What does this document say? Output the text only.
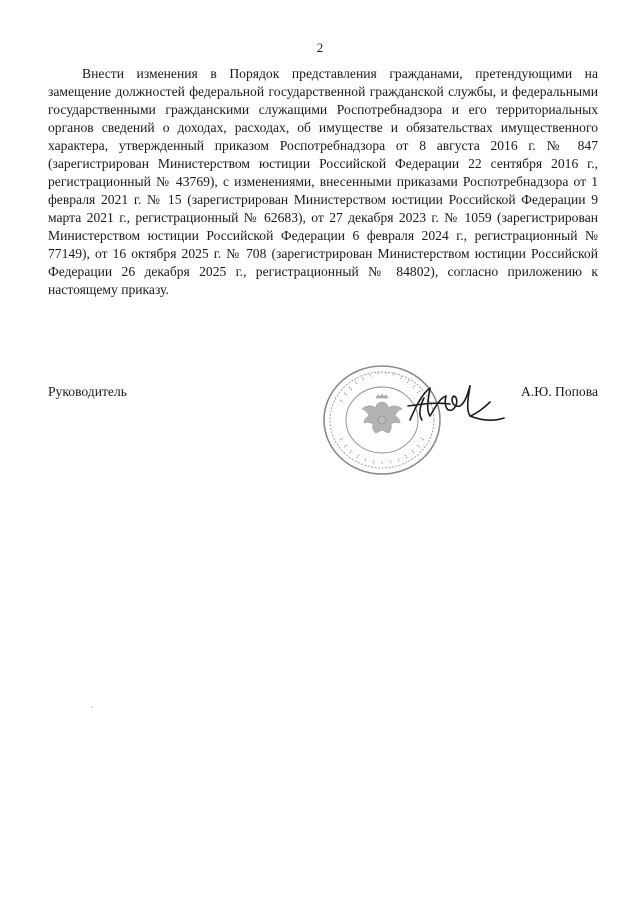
2

Внести изменения в Порядок представления гражданами, претендующими на замещение должностей федеральной государственной гражданской службы, и федеральными государственными гражданскими служащими Роспотребнадзора и его территориальных органов сведений о доходах, расходах, об имуществе и обязательствах имущественного характера, утвержденный приказом Роспотребнадзора от 8 августа 2016 г. № 847 (зарегистрирован Министерством юстиции Российской Федерации 22 сентября 2016 г., регистрационный № 43769), с изменениями, внесенными приказами Роспотребнадзора от 1 февраля 2021 г. № 15 (зарегистрирован Министерством юстиции Российской Федерации 9 марта 2021 г., регистрационный № 62683), от 27 декабря 2023 г. № 1059 (зарегистрирован Министерством юстиции Российской Федерации 6 февраля 2024 г., регистрационный № 77149), от 16 октября 2025 г. № 708 (зарегистрирован Министерством юстиции Российской Федерации 26 декабря 2025 г., регистрационный № 84802), согласно приложению к настоящему приказу.

Руководитель	А.Ю. Попова
